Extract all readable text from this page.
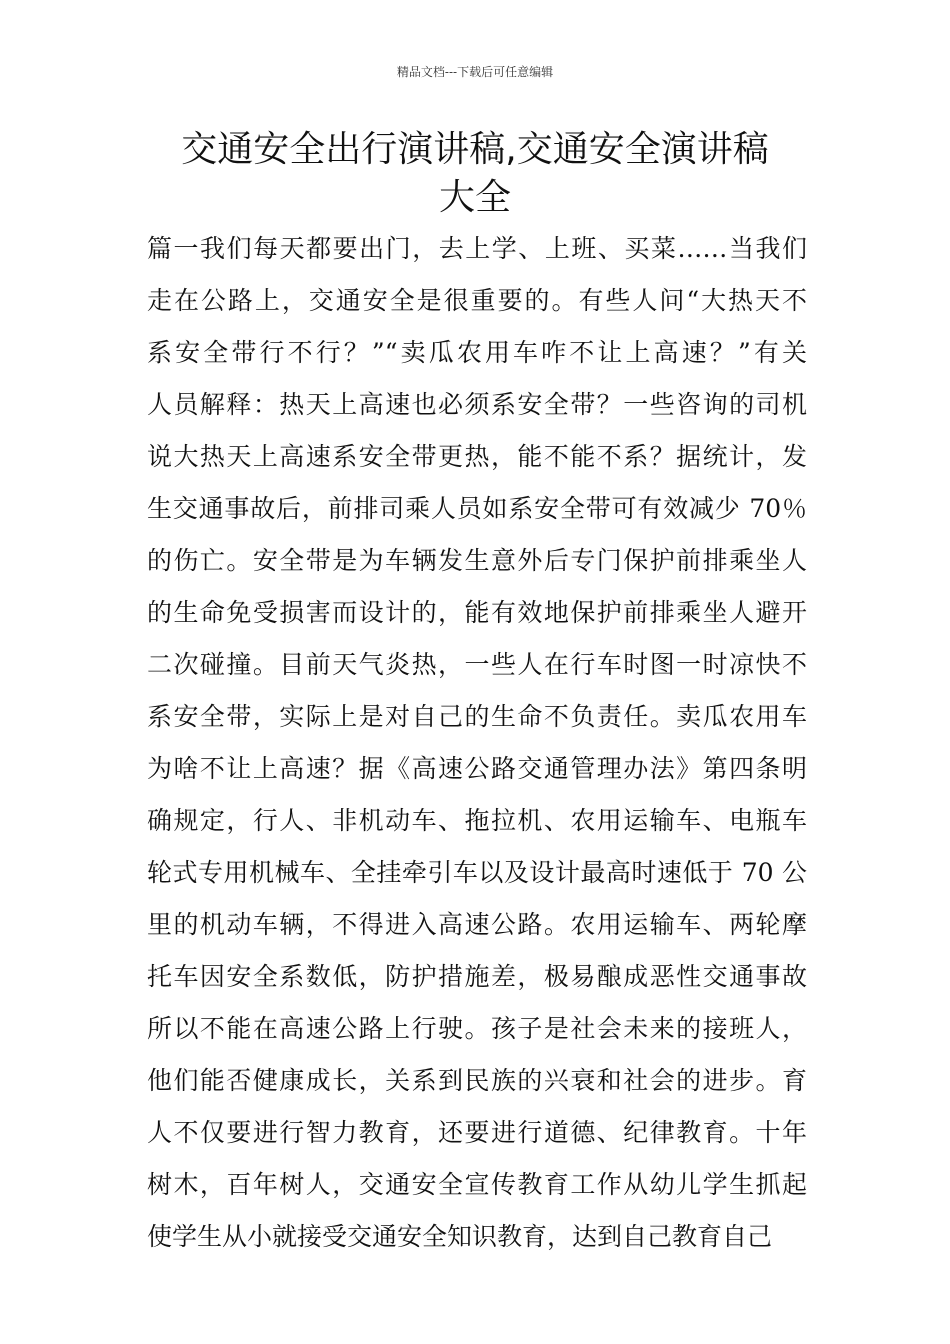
精品文档---下载后可任意编辑
交通安全出行演讲稿,交通安全演讲稿
大全
篇一我们每天都要出门，去上学、上班、买菜……当我们
走在公路上，交通安全是很重要的。有些人问“大热天不
系安全带行不行？”“卖瓜农用车咋不让上高速？”有关
人员解释：热天上高速也必须系安全带？一些咨询的司机
说大热天上高速系安全带更热，能不能不系？据统计，发
生交通事故后，前排司乘人员如系安全带可有效减少 70％
的伤亡。安全带是为车辆发生意外后专门保护前排乘坐人
的生命免受损害而设计的，能有效地保护前排乘坐人避开
二次碰撞。目前天气炎热，一些人在行车时图一时凉快不
系安全带，实际上是对自己的生命不负责任。卖瓜农用车
为啥不让上高速？据《高速公路交通管理办法》第四条明
确规定，行人、非机动车、拖拉机、农用运输车、电瓶车
轮式专用机械车、全挂牵引车以及设计最高时速低于 70 公
里的机动车辆，不得进入高速公路。农用运输车、两轮摩
托车因安全系数低，防护措施差，极易酿成恶性交通事故
所以不能在高速公路上行驶。孩子是社会未来的接班人，
他们能否健康成长，关系到民族的兴衰和社会的进步。育
人不仅要进行智力教育，还要进行道德、纪律教育。十年
树木，百年树人，交通安全宣传教育工作从幼儿学生抓起
使学生从小就接受交通安全知识教育，达到自己教育自己
